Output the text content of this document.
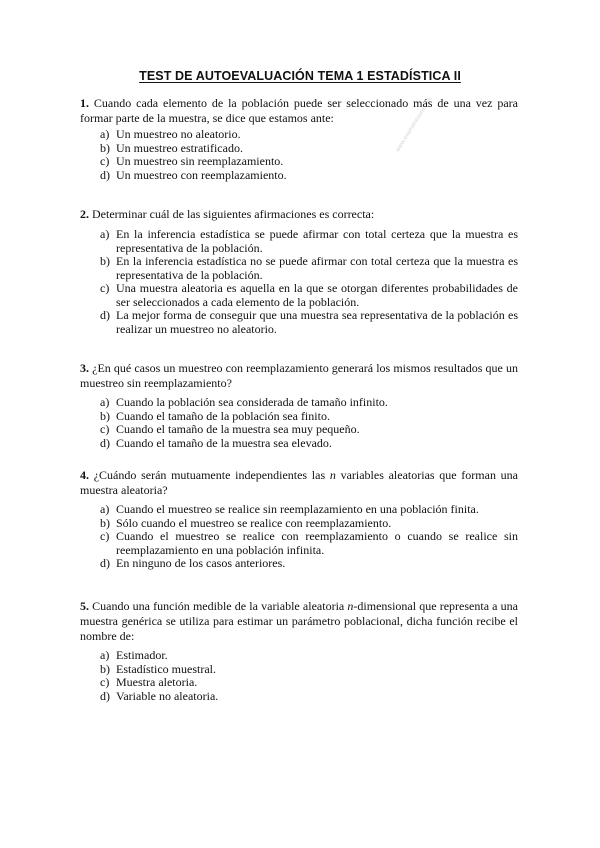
TEST DE AUTOEVALUACIÓN TEMA 1 ESTADÍSTICA II
www.examenesuned.es
1. Cuando cada elemento de la población puede ser seleccionado más de una vez para formar parte de la muestra, se dice que estamos ante:
a) Un muestreo no aleatorio.
b) Un muestreo estratificado.
c) Un muestreo sin reemplazamiento.
d) Un muestreo con reemplazamiento.
2. Determinar cuál de las siguientes afirmaciones es correcta:
a) En la inferencia estadística se puede afirmar con total certeza que la muestra es representativa de la población.
b) En la inferencia estadística no se puede afirmar con total certeza que la muestra es representativa de la población.
c) Una muestra aleatoria es aquella en la que se otorgan diferentes probabilidades de ser seleccionados a cada elemento de la población.
d) La mejor forma de conseguir que una muestra sea representativa de la población es realizar un muestreo no aleatorio.
3. ¿En qué casos un muestreo con reemplazamiento generará los mismos resultados que un muestreo sin reemplazamiento?
a) Cuando la población sea considerada de tamaño infinito.
b) Cuando el tamaño de la población sea finito.
c) Cuando el tamaño de la muestra sea muy pequeño.
d) Cuando el tamaño de la muestra sea elevado.
4. ¿Cuándo serán mutuamente independientes las n variables aleatorias que forman una muestra aleatoria?
a) Cuando el muestreo se realice sin reemplazamiento en una población finita.
b) Sólo cuando el muestreo se realice con reemplazamiento.
c) Cuando el muestreo se realice con reemplazamiento o cuando se realice sin reemplazamiento en una población infinita.
d) En ninguno de los casos anteriores.
5. Cuando una función medible de la variable aleatoria n-dimensional que representa a una muestra genérica se utiliza para estimar un parámetro poblacional, dicha función recibe el nombre de:
a) Estimador.
b) Estadístico muestral.
c) Muestra aletoria.
d) Variable no aleatoria.
